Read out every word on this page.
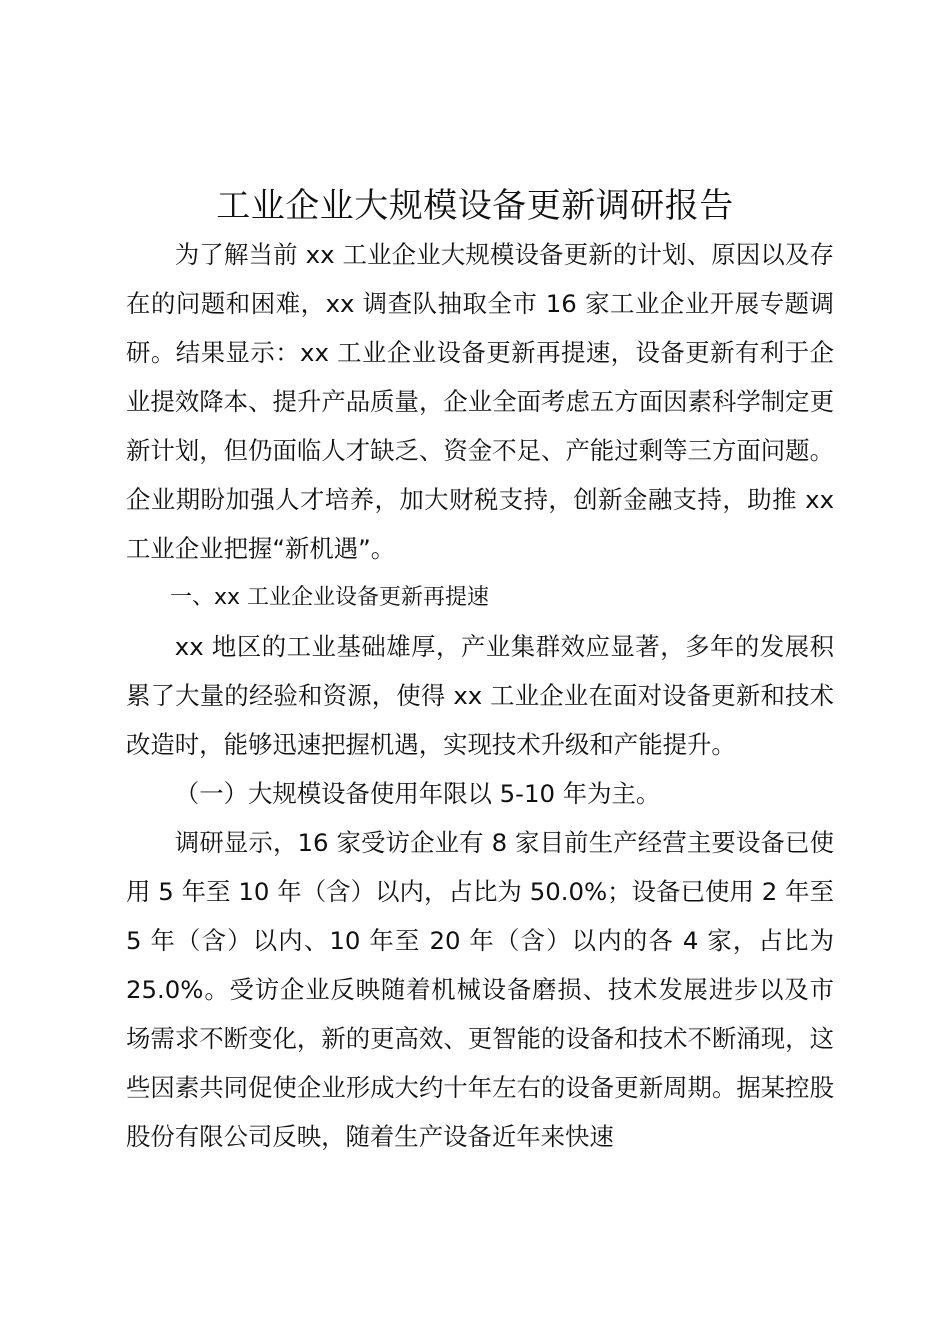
工业企业大规模设备更新调研报告

为了解当前 xx 工业企业大规模设备更新的计划、原因以及存在的问题和困难，xx 调查队抽取全市 16 家工业企业开展专题调研。结果显示：xx 工业企业设备更新再提速，设备更新有利于企业提效降本、提升产品质量，企业全面考虑五方面因素科学制定更新计划，但仍面临人才缺乏、资金不足、产能过剩等三方面问题。企业期盼加强人才培养，加大财税支持，创新金融支持，助推 xx 工业企业把握“新机遇”。

一、xx 工业企业设备更新再提速

xx 地区的工业基础雄厚，产业集群效应显著，多年的发展积累了大量的经验和资源，使得 xx 工业企业在面对设备更新和技术改造时，能够迅速把握机遇，实现技术升级和产能提升。

（一）大规模设备使用年限以 5-10 年为主。

调研显示，16 家受访企业有 8 家目前生产经营主要设备已使用 5 年至 10 年（含）以内，占比为 50.0%；设备已使用 2 年至 5 年（含）以内、10 年至 20 年（含）以内的各 4 家，占比为 25.0%。受访企业反映随着机械设备磨损、技术发展进步以及市场需求不断变化，新的更高效、更智能的设备和技术不断涌现，这些因素共同促使企业形成大约十年左右的设备更新周期。据某控股股份有限公司反映，随着生产设备近年来快速
